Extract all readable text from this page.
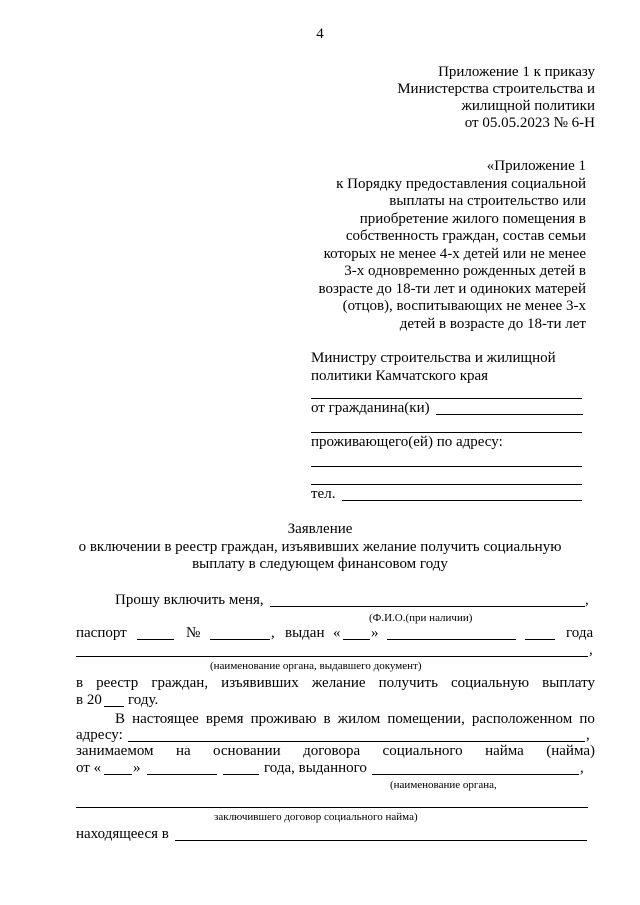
4
Приложение 1 к приказу
Министерства строительства и
жилищной политики
от 05.05.2023 № 6-Н
«Приложение 1
к Порядку предоставления социальной
выплаты на строительство или
приобретение жилого помещения в
собственность граждан, состав семьи
которых не менее 4-х детей или не менее
3-х одновременно рожденных детей в
возрасте до 18-ти лет и одиноких матерей
(отцов), воспитывающих не менее 3-х
детей в возрасте до 18-ти лет
Министру строительства и жилищной
политики Камчатского края
от гражданина(ки)
проживающего(ей) по адресу:
тел.
Заявление
о включении в реестр граждан, изъявивших желание получить социальную
выплату в следующем финансовом году
Прошу включить меня,	,
(Ф.И.О.(при наличии)
паспорт	№	, выдан « »	года
,
(наименование органа, выдавшего документ)
в реестр граждан, изъявивших желание получить социальную выплату
в 20 году.
В настоящее время проживаю в жилом помещении, расположенном по
адресу:	,
занимаемом на основании договора социального найма (найма)
от « »	года, выданного	,
(наименование органа,
заключившего договор социального найма)
находящееся в
